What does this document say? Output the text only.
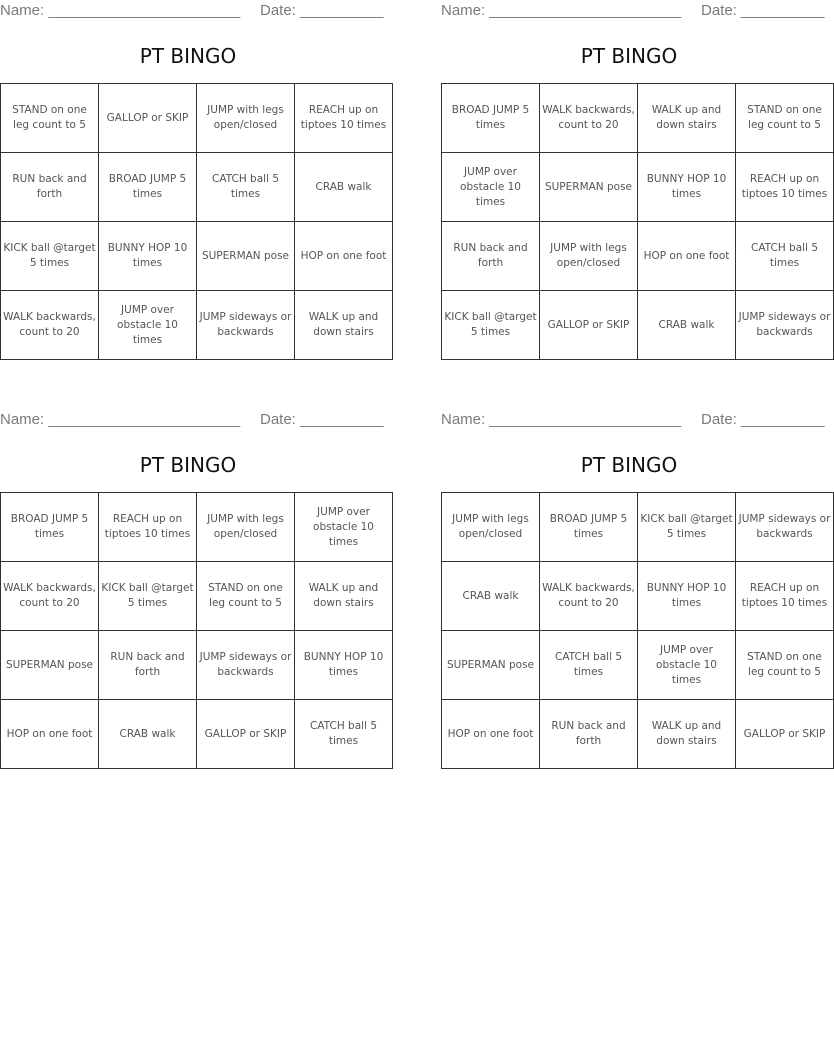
Name: _______________________ Date: __________
PT BINGO
STAND on one leg count to 5	GALLOP or SKIP	JUMP with legs open/closed	REACH up on tiptoes 10 times
RUN back and forth	BROAD JUMP 5 times	CATCH ball 5 times	CRAB walk
KICK ball @target 5 times	BUNNY HOP 10 times	SUPERMAN pose	HOP on one foot
WALK backwards, count to 20	JUMP over obstacle 10 times	JUMP sideways or backwards	WALK up and down stairs
Name: _______________________ Date: __________
PT BINGO
BROAD JUMP 5 times	WALK backwards, count to 20	WALK up and down stairs	STAND on one leg count to 5
JUMP over obstacle 10 times	SUPERMAN pose	BUNNY HOP 10 times	REACH up on tiptoes 10 times
RUN back and forth	JUMP with legs open/closed	HOP on one foot	CATCH ball 5 times
KICK ball @target 5 times	GALLOP or SKIP	CRAB walk	JUMP sideways or backwards
Name: _______________________ Date: __________
PT BINGO
BROAD JUMP 5 times	REACH up on tiptoes 10 times	JUMP with legs open/closed	JUMP over obstacle 10 times
WALK backwards, count to 20	KICK ball @target 5 times	STAND on one leg count to 5	WALK up and down stairs
SUPERMAN pose	RUN back and forth	JUMP sideways or backwards	BUNNY HOP 10 times
HOP on one foot	CRAB walk	GALLOP or SKIP	CATCH ball 5 times
Name: _______________________ Date: __________
PT BINGO
JUMP with legs open/closed	BROAD JUMP 5 times	KICK ball @target 5 times	JUMP sideways or backwards
CRAB walk	WALK backwards, count to 20	BUNNY HOP 10 times	REACH up on tiptoes 10 times
SUPERMAN pose	CATCH ball 5 times	JUMP over obstacle 10 times	STAND on one leg count to 5
HOP on one foot	RUN back and forth	WALK up and down stairs	GALLOP or SKIP
